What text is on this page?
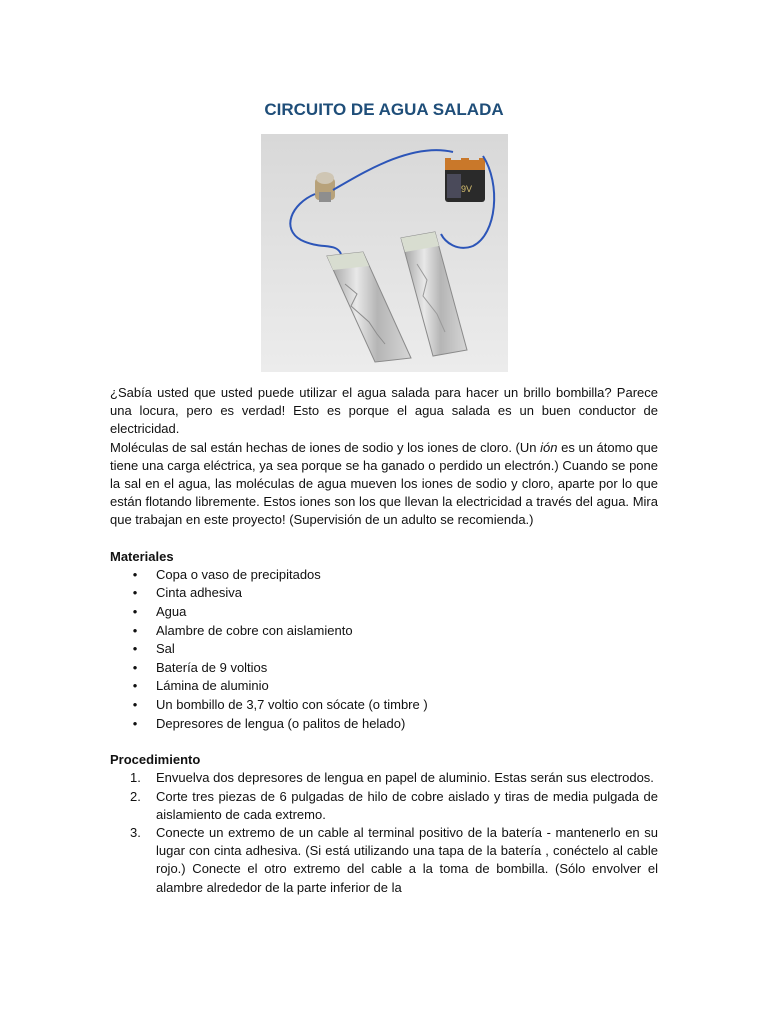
CIRCUITO DE AGUA SALADA
9V

¿Sabía usted que usted puede utilizar el agua salada para hacer un brillo bombilla? Parece una locura, pero es verdad! Esto es porque el agua salada es un buen conductor de electricidad.

Moléculas de sal están hechas de iones de sodio y los iones de cloro. (Un ión es un átomo que tiene una carga eléctrica, ya sea porque se ha ganado o perdido un electrón.) Cuando se pone la sal en el agua, las moléculas de agua mueven los iones de sodio y cloro, aparte por lo que están flotando libremente. Estos iones son los que llevan la electricidad a través del agua. Mira que trabajan en este proyecto! (Supervisión de un adulto se recomienda.)

Materiales

• Copa o vaso de precipitados
• Cinta adhesiva
• Agua
• Alambre de cobre con aislamiento
• Sal
• Batería de 9 voltios
• Lámina de aluminio
• Un bombillo de 3,7 voltio con sócate (o timbre )
• Depresores de lengua (o palitos de helado)

Procedimiento

1. Envuelva dos depresores de lengua en papel de aluminio. Estas serán sus electrodos.
2. Corte tres piezas de 6 pulgadas de hilo de cobre aislado y tiras de media pulgada de aislamiento de cada extremo.
3. Conecte un extremo de un cable al terminal positivo de la batería - mantenerlo en su lugar con cinta adhesiva. (Si está utilizando una tapa de la batería , conéctelo al cable rojo.) Conecte el otro extremo del cable a la toma de bombilla. (Sólo envolver el alambre alrededor de la parte inferior de la
